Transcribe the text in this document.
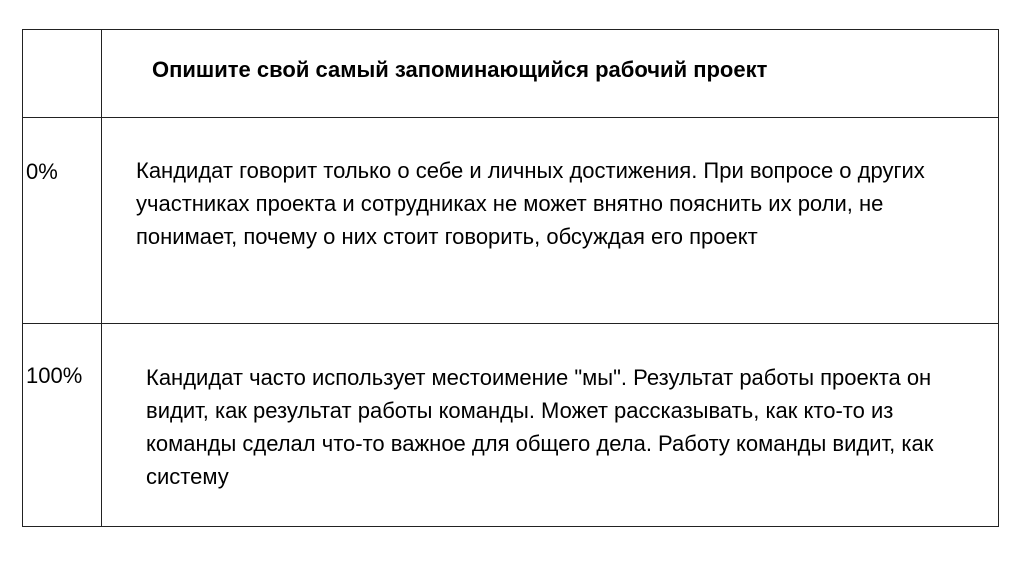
	Опишите свой самый запоминающийся рабочий проект

0%	Кандидат говорит только о себе и личных достижения. При вопросе о других участниках проекта и сотрудниках не может внятно пояснить их роли, не понимает, почему о них стоит говорить, обсуждая его проект
100%	Кандидат часто использует местоимение "мы". Результат работы проекта он видит, как результат работы команды. Может рассказывать, как кто-то из команды сделал что-то важное для общего дела. Работу команды видит, как систему
